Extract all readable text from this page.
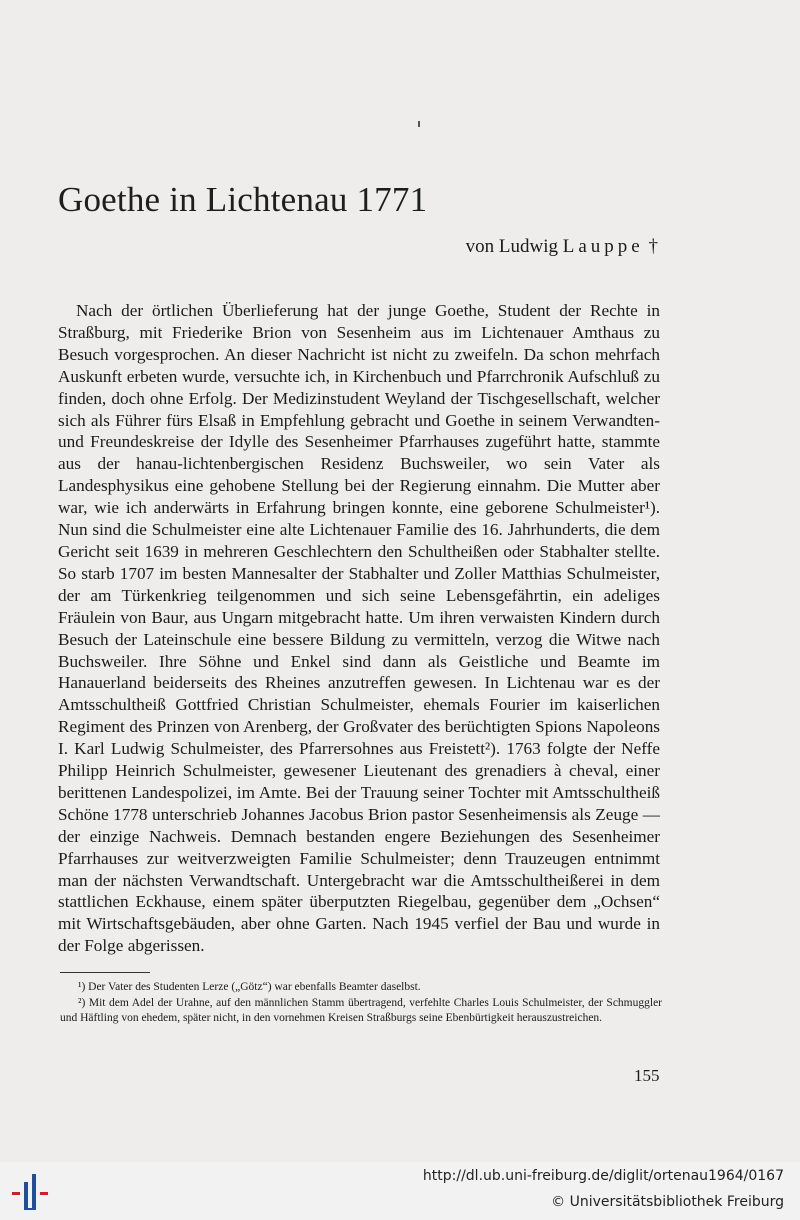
Goethe in Lichtenau 1771
von Ludwig Lauppe †

Nach der örtlichen Überlieferung hat der junge Goethe, Student der Rechte in Straßburg, mit Friederike Brion von Sesenheim aus im Lichtenauer Amthaus zu Besuch vorgesprochen. An dieser Nachricht ist nicht zu zweifeln. Da schon mehrfach Auskunft erbeten wurde, versuchte ich, in Kirchenbuch und Pfarrchronik Aufschluß zu finden, doch ohne Erfolg. Der Medizinstudent Weyland der Tischgesellschaft, welcher sich als Führer fürs Elsaß in Empfehlung gebracht und Goethe in seinem Verwandten- und Freundeskreise der Idylle des Sesenheimer Pfarrhauses zugeführt hatte, stammte aus der hanau-lichtenbergischen Residenz Buchsweiler, wo sein Vater als Landesphysikus eine gehobene Stellung bei der Regierung einnahm. Die Mutter aber war, wie ich anderwärts in Erfahrung bringen konnte, eine geborene Schulmeister¹). Nun sind die Schulmeister eine alte Lichtenauer Familie des 16. Jahrhunderts, die dem Gericht seit 1639 in mehreren Geschlechtern den Schultheißen oder Stabhalter stellte. So starb 1707 im besten Mannesalter der Stabhalter und Zoller Matthias Schulmeister, der am Türkenkrieg teilgenommen und sich seine Lebensgefährtin, ein adeliges Fräulein von Baur, aus Ungarn mitgebracht hatte. Um ihren verwaisten Kindern durch Besuch der Lateinschule eine bessere Bildung zu vermitteln, verzog die Witwe nach Buchsweiler. Ihre Söhne und Enkel sind dann als Geistliche und Beamte im Hanauerland beiderseits des Rheines anzutreffen gewesen. In Lichtenau war es der Amtsschultheiß Gottfried Christian Schulmeister, ehemals Fourier im kaiserlichen Regiment des Prinzen von Arenberg, der Großvater des berüchtigten Spions Napoleons I. Karl Ludwig Schulmeister, des Pfarrersohnes aus Freistett²). 1763 folgte der Neffe Philipp Heinrich Schulmeister, gewesener Lieutenant des grenadiers à cheval, einer berittenen Landespolizei, im Amte. Bei der Trauung seiner Tochter mit Amtsschultheiß Schöne 1778 unterschrieb Johannes Jacobus Brion pastor Sesenheimensis als Zeuge — der einzige Nachweis. Demnach bestanden engere Beziehungen des Sesenheimer Pfarrhauses zur weitverzweigten Familie Schulmeister; denn Trauzeugen entnimmt man der nächsten Verwandtschaft. Untergebracht war die Amtsschultheißerei in dem stattlichen Eckhause, einem später überputzten Riegelbau, gegenüber dem „Ochsen“ mit Wirtschaftsgebäuden, aber ohne Garten. Nach 1945 verfiel der Bau und wurde in der Folge abgerissen.

¹) Der Vater des Studenten Lerze („Götz“) war ebenfalls Beamter daselbst.

²) Mit dem Adel der Urahne, auf den männlichen Stamm übertragend, verfehlte Charles Louis Schulmeister, der Schmuggler und Häftling von ehedem, später nicht, in den vornehmen Kreisen Straßburgs seine Ebenbürtigkeit herauszustreichen.

155
http://dl.ub.uni-freiburg.de/diglit/ortenau1964/0167
© Universitätsbibliothek Freiburg
